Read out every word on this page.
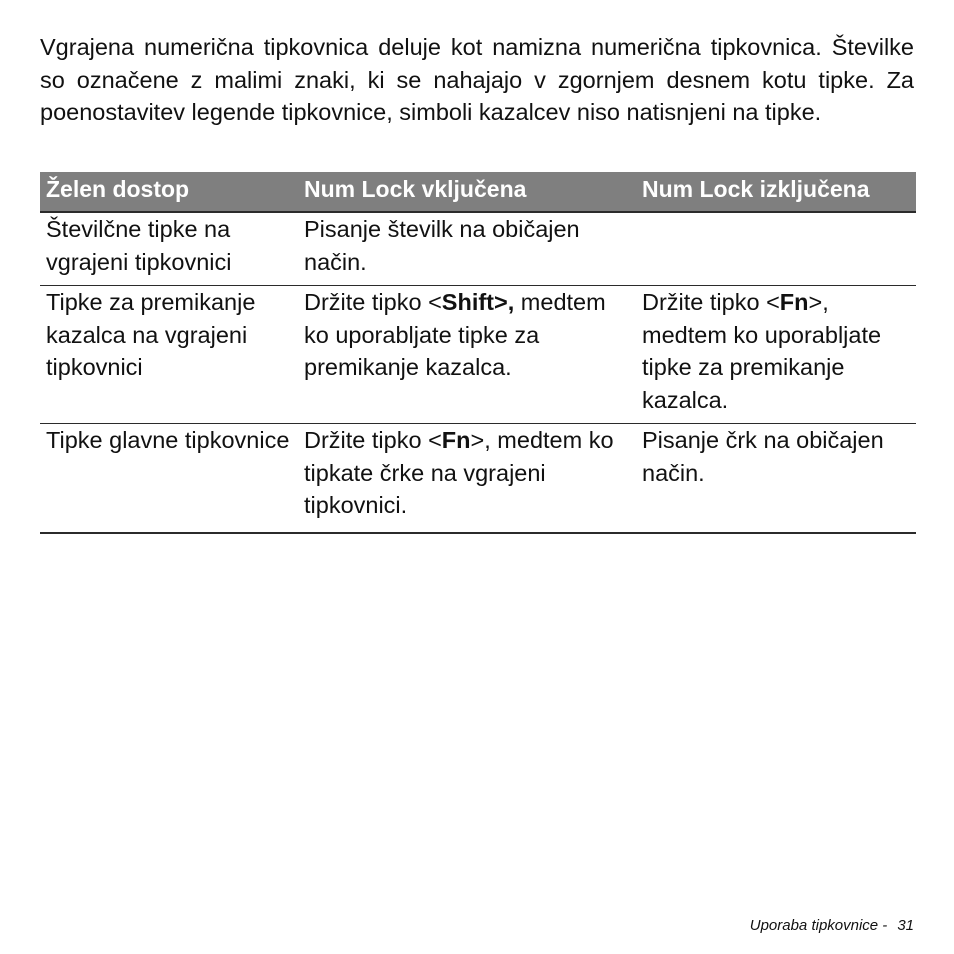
Vgrajena numerična tipkovnica deluje kot namizna numerična tipkovnica. Številke so označene z malimi znaki, ki se nahajajo v zgornjem desnem kotu tipke. Za poenostavitev legende tipkovnice, simboli kazalcev niso natisnjeni na tipke.

Želen dostop	Num Lock vključena	Num Lock izključena
Številčne tipke na vgrajeni tipkovnici	Pisanje številk na običajen način.	
Tipke za premikanje kazalca na vgrajeni tipkovnici	Držite tipko <Shift>, medtem ko uporabljate tipke za premikanje kazalca.	Držite tipko <Fn>, medtem ko uporabljate tipke za premikanje kazalca.
Tipke glavne tipkovnice	Držite tipko <Fn>, medtem ko tipkate črke na vgrajeni tipkovnici.	Pisanje črk na običajen način.
Uporaba tipkovnice - 31
